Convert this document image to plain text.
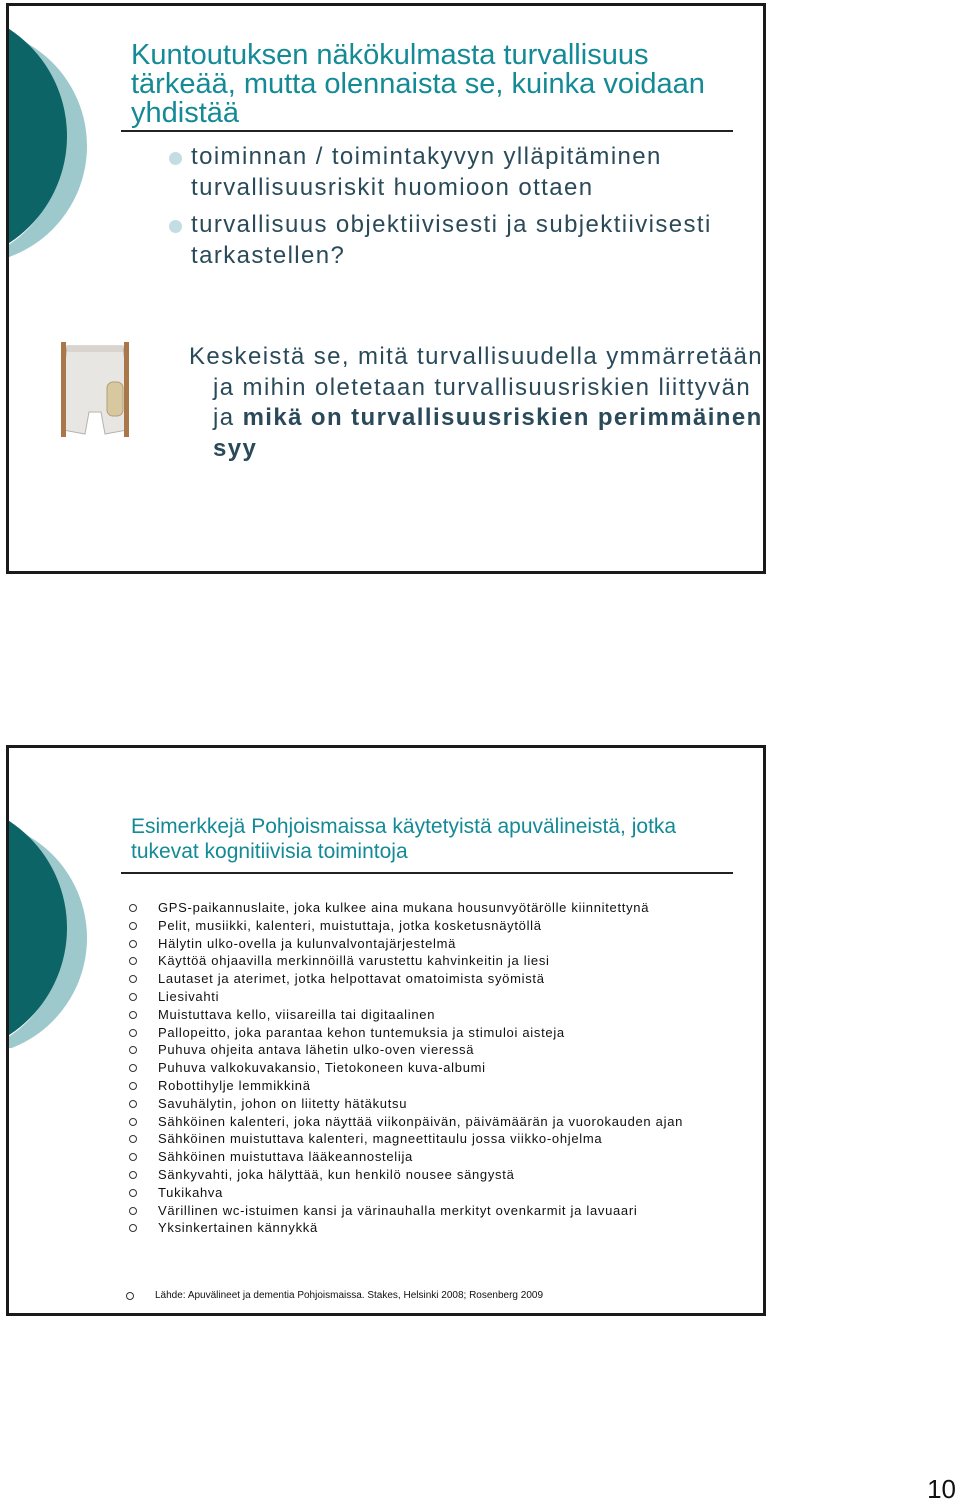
Kuntoutuksen näkökulmasta turvallisuus tärkeää, mutta olennaista se, kuinka voidaan yhdistää
toiminnan / toimintakyvyn ylläpitäminen turvallisuusriskit huomioon ottaen
turvallisuus objektiivisesti ja subjektiivisesti tarkastellen?
Keskeistä se, mitä turvallisuudella ymmärretään ja mihin oletetaan turvallisuusriskien liittyvän ja mikä on turvallisuusriskien perimmäinen syy
Esimerkkejä Pohjoismaissa käytetyistä apuvälineistä, jotka tukevat kognitiivisia toimintoja
GPS-paikannuslaite, joka kulkee aina mukana housunvyötärölle kiinnitettynä
Pelit, musiikki, kalenteri, muistuttaja, jotka kosketusnäytöllä
Hälytin ulko-ovella ja kulunvalvontajärjestelmä
Käyttöä ohjaavilla merkinnöillä varustettu kahvinkeitin ja liesi
Lautaset ja aterimet, jotka helpottavat omatoimista syömistä
Liesivahti
Muistuttava kello, viisareilla tai digitaalinen
Pallopeitto, joka parantaa kehon tuntemuksia ja stimuloi aisteja
Puhuva ohjeita antava lähetin ulko-oven vieressä
Puhuva valkokuvakansio, Tietokoneen kuva-albumi
Robottihylje lemmikkinä
Savuhälytin, johon on liitetty hätäkutsu
Sähköinen kalenteri, joka näyttää viikonpäivän, päivämäärän ja vuorokauden ajan
Sähköinen muistuttava kalenteri, magneettitaulu jossa viikko-ohjelma
Sähköinen muistuttava lääkeannostelija
Sänkyvahti, joka hälyttää, kun henkilö nousee sängystä
Tukikahva
Värillinen wc-istuimen kansi ja värinauhalla merkityt ovenkarmit ja lavuaari
Yksinkertainen kännykkä
Lähde: Apuvälineet ja dementia Pohjoismaissa. Stakes, Helsinki 2008; Rosenberg 2009
10
